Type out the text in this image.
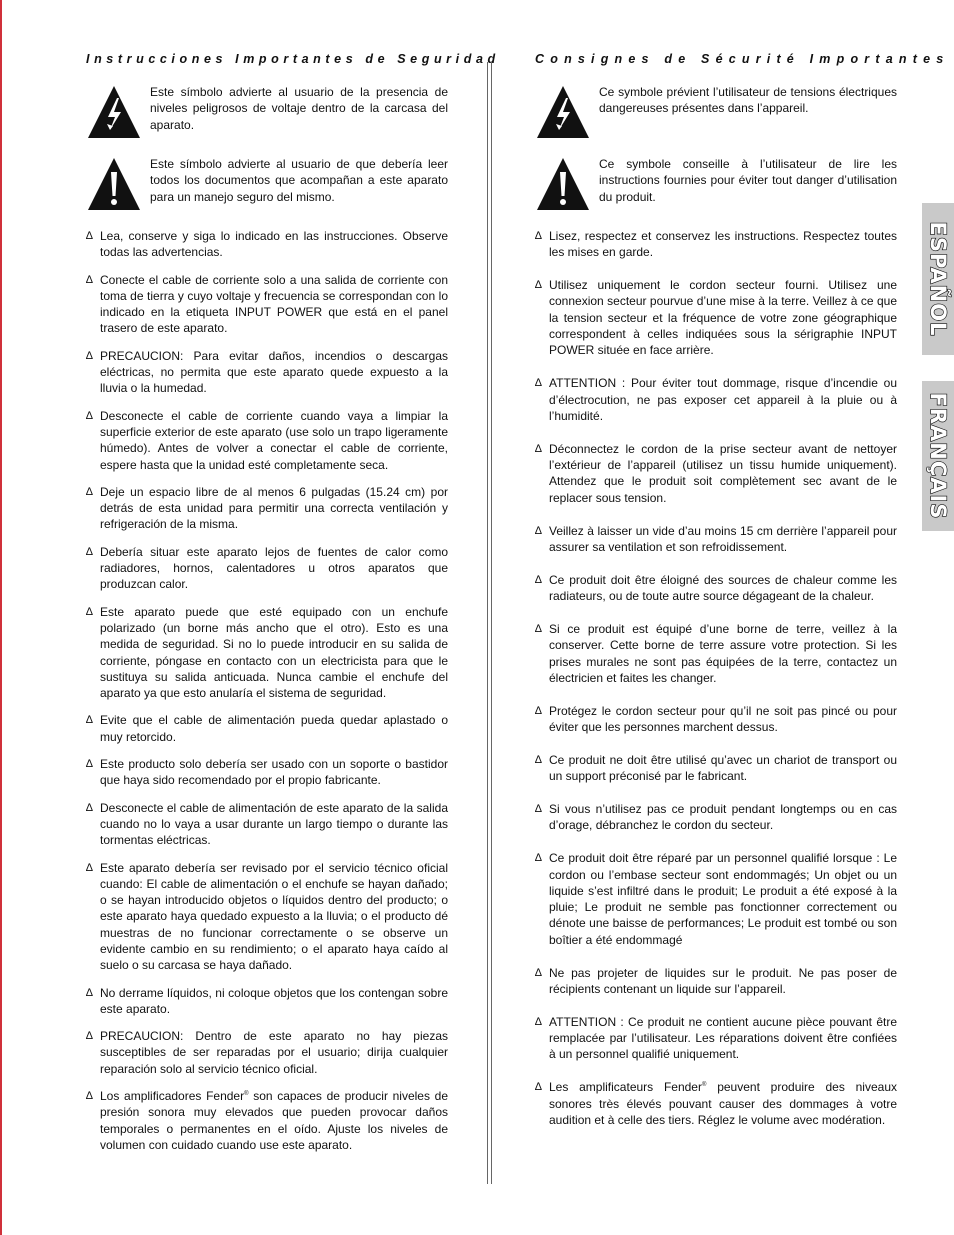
Instrucciones Importantes de Seguridad

Este símbolo advierte al usuario de la presencia de niveles peligrosos de voltaje dentro de la carcasa del aparato.

Este símbolo advierte al usuario de que debería leer todos los documentos que acompañan a este aparato para un manejo seguro del mismo.

∆ Lea, conserve y siga lo indicado en las instrucciones. Observe todas las advertencias.
∆ Conecte el cable de corriente solo a una salida de corriente con toma de tierra y cuyo voltaje y frecuencia se correspondan con lo indicado en la etiqueta INPUT POWER que está en el panel trasero de este aparato.
∆ PRECAUCION: Para evitar daños, incendios o descargas eléctricas, no permita que este aparato quede expuesto a la lluvia o la humedad.
∆ Desconecte el cable de corriente cuando vaya a limpiar la superficie exterior de este aparato (use solo un trapo ligeramente húmedo). Antes de volver a conectar el cable de corriente, espere hasta que la unidad esté completamente seca.
∆ Deje un espacio libre de al menos 6 pulgadas (15.24 cm) por detrás de esta unidad para permitir una correcta ventilación y refrigeración de la misma.
∆ Debería situar este aparato lejos de fuentes de calor como radiadores, hornos, calentadores u otros aparatos que produzcan calor.
∆ Este aparato puede que esté equipado con un enchufe polarizado (un borne más ancho que el otro). Esto es una medida de seguridad. Si no lo puede introducir en su salida de corriente, póngase en contacto con un electricista para que le sustituya su salida anticuada. Nunca cambie el enchufe del aparato ya que esto anularía el sistema de seguridad.
∆ Evite que el cable de alimentación pueda quedar aplastado o muy retorcido.
∆ Este producto solo debería ser usado con un soporte o bastidor que haya sido recomendado por el propio fabricante.
∆ Desconecte el cable de alimentación de este aparato de la salida cuando no lo vaya a usar durante un largo tiempo o durante las tormentas eléctricas.
∆ Este aparato debería ser revisado por el servicio técnico oficial cuando: El cable de alimentación o el enchufe se hayan dañado; o se hayan introducido objetos o líquidos dentro del producto; o este aparato haya quedado expuesto a la lluvia; o el producto dé muestras de no funcionar correctamente o se observe un evidente cambio en su rendimiento; o el aparato haya caído al suelo o su carcasa se haya dañado.
∆ No derrame líquidos, ni coloque objetos que los contengan sobre este aparato.
∆ PRECAUCION: Dentro de este aparato no hay piezas susceptibles de ser reparadas por el usuario; dirija cualquier reparación solo al servicio técnico oficial.
∆ Los amplificadores Fender® son capaces de producir niveles de presión sonora muy elevados que pueden provocar daños temporales o permanentes en el oído. Ajuste los niveles de volumen con cuidado cuando use este aparato.
Consignes de Sécurité Importantes

Ce symbole prévient l’utilisateur de tensions électriques dangereuses présentes dans l’appareil.

Ce symbole conseille à l’utilisateur de lire les instructions fournies pour éviter tout danger d’utilisation du produit.

∆ Lisez, respectez et conservez les instructions. Respectez toutes les mises en garde.
∆ Utilisez uniquement le cordon secteur fourni. Utilisez une connexion secteur pourvue d’une mise à la terre. Veillez à ce que la tension secteur et la fréquence de votre zone géographique correspondent à celles indiquées sous la sérigraphie INPUT POWER située en face arrière.
∆ ATTENTION : Pour éviter tout dommage, risque d’incendie ou d’électrocution, ne pas exposer cet appareil à la pluie ou à l’humidité.
∆ Déconnectez le cordon de la prise secteur avant de nettoyer l’extérieur de l’appareil (utilisez un tissu humide uniquement). Attendez que le produit soit complètement sec avant de le replacer sous tension.
∆ Veillez à laisser un vide d’au moins 15 cm derrière l’appareil pour assurer sa ventilation et son refroidissement.
∆ Ce produit doit être éloigné des sources de chaleur comme les radiateurs, ou de toute autre source dégageant de la chaleur.
∆ Si ce produit est équipé d’une borne de terre, veillez à la conserver. Cette borne de terre assure votre protection. Si les prises murales ne sont pas équipées de la terre, contactez un électricien et faites les changer.
∆ Protégez le cordon secteur pour qu’il ne soit pas pincé ou pour éviter que les personnes marchent dessus.
∆ Ce produit ne doit être utilisé qu’avec un chariot de transport ou un support préconisé par le fabricant.
∆ Si vous n’utilisez pas ce produit pendant longtemps ou en cas d’orage, débranchez le cordon du secteur.
∆ Ce produit doit être réparé par un personnel qualifié lorsque : Le cordon ou l’embase secteur sont endommagés; Un objet ou un liquide s’est infiltré dans le produit; Le produit a été exposé à la pluie; Le produit ne semble pas fonctionner correctement ou dénote une baisse de performances; Le produit est tombé ou son boîtier a été endommagé
∆ Ne pas projeter de liquides sur le produit. Ne pas poser de récipients contenant un liquide sur l’appareil.
∆ ATTENTION : Ce produit ne contient aucune pièce pouvant être remplacée par l’utilisateur. Les réparations doivent être confiées à un personnel qualifié uniquement.
∆ Les amplificateurs Fender® peuvent produire des niveaux sonores très élevés pouvant causer des dommages à votre audition et à celle des tiers. Réglez le volume avec modération.
ESPAÑOL
FRANÇAIS
